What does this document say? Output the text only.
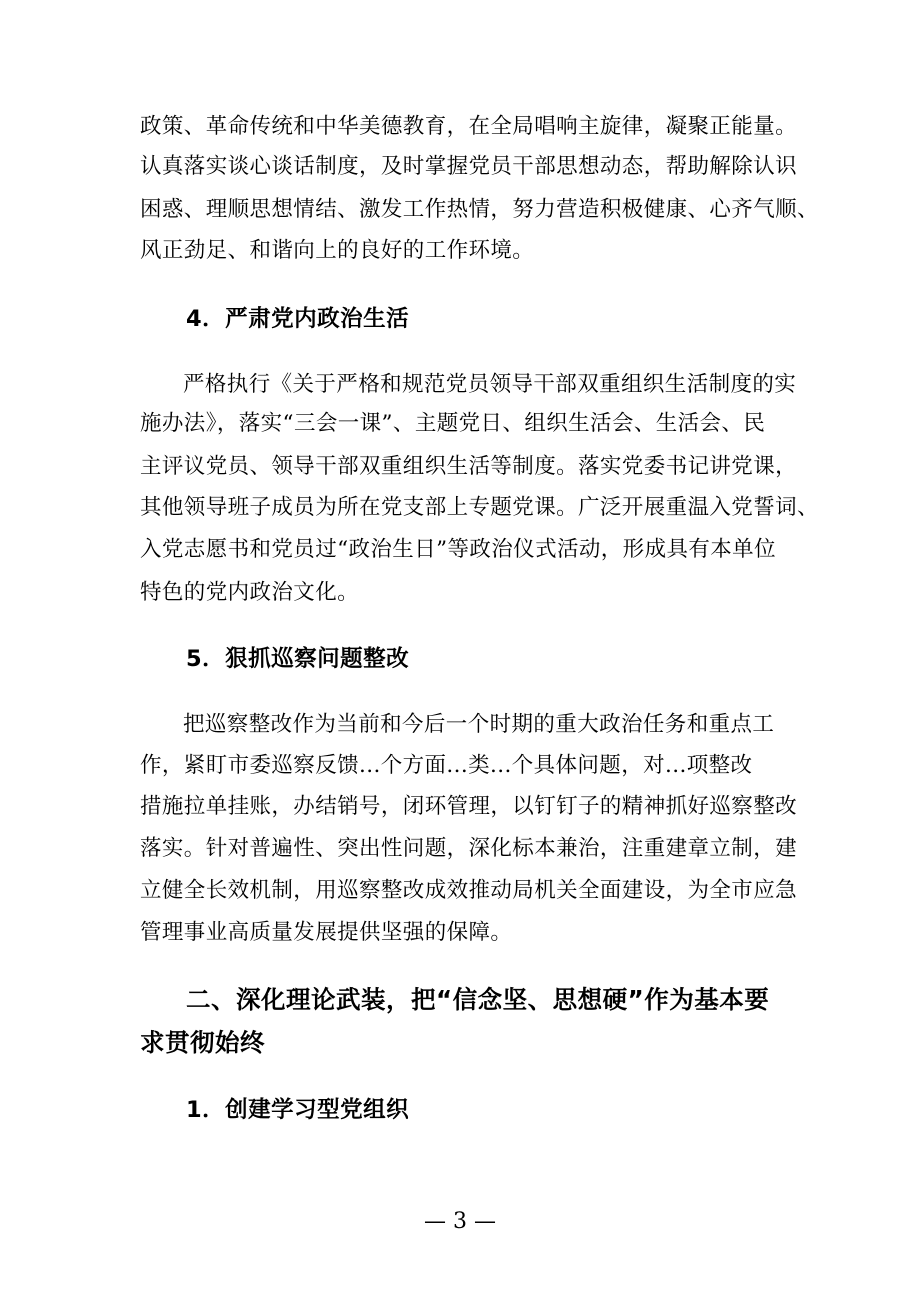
政策、革命传统和中华美德教育，在全局唱响主旋律，凝聚正能量。
认真落实谈心谈话制度，及时掌握党员干部思想动态，帮助解除认识
困惑、理顺思想情结、激发工作热情，努力营造积极健康、心齐气顺、
风正劲足、和谐向上的良好的工作环境。
4．严肃党内政治生活
严格执行《关于严格和规范党员领导干部双重组织生活制度的实
施办法》，落实“三会一课”、主题党日、组织生活会、生活会、民
主评议党员、领导干部双重组织生活等制度。落实党委书记讲党课，
其他领导班子成员为所在党支部上专题党课。广泛开展重温入党誓词、
入党志愿书和党员过“政治生日”等政治仪式活动，形成具有本单位
特色的党内政治文化。
5．狠抓巡察问题整改
把巡察整改作为当前和今后一个时期的重大政治任务和重点工
作，紧盯市委巡察反馈...个方面...类...个具体问题，对...项整改
措施拉单挂账，办结销号，闭环管理，以钉钉子的精神抓好巡察整改
落实。针对普遍性、突出性问题，深化标本兼治，注重建章立制，建
立健全长效机制，用巡察整改成效推动局机关全面建设，为全市应急
管理事业高质量发展提供坚强的保障。
二、深化理论武装，把“信念坚、思想硬”作为基本要
求贯彻始终
1．创建学习型党组织
— 3 —
